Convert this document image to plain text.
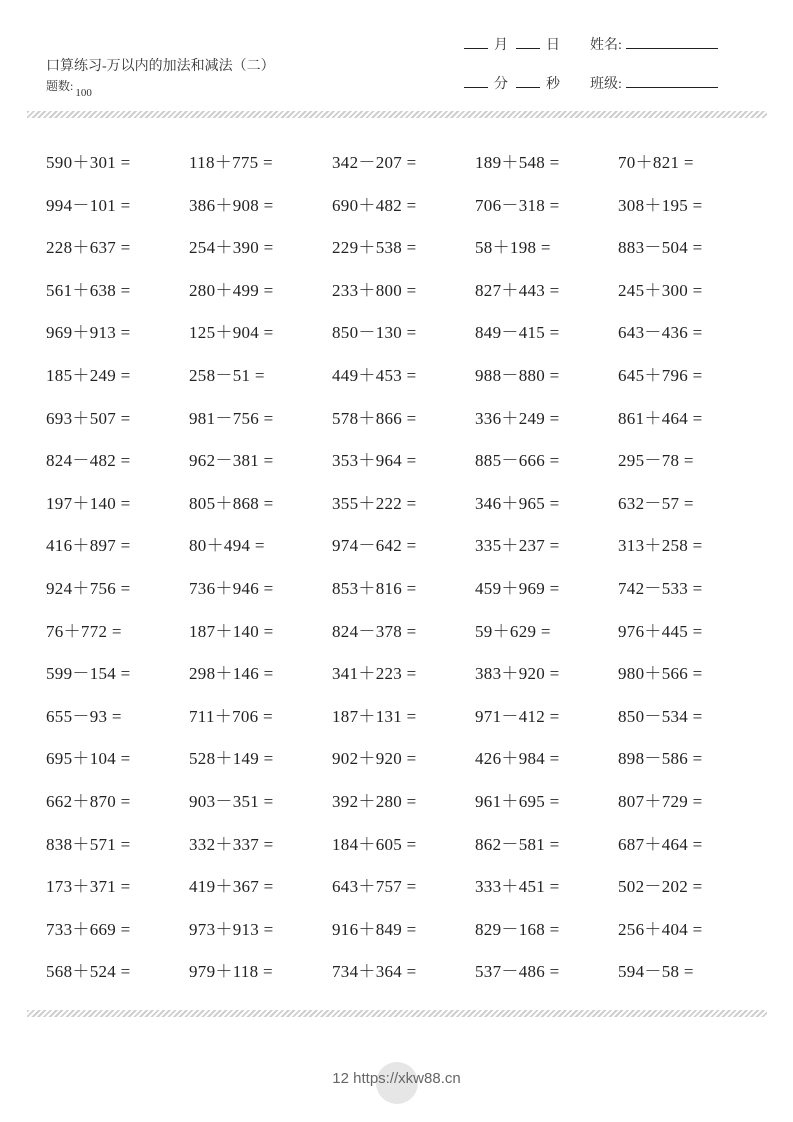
口算练习-万以内的加法和减法（二）
题数: 100
月	日
分	秒
姓名:
班级:
590＋301 =	118＋775 =	342－207 =	189＋548 =	70＋821 =
994－101 =	386＋908 =	690＋482 =	706－318 =	308＋195 =
228＋637 =	254＋390 =	229＋538 =	58＋198 =	883－504 =
561＋638 =	280＋499 =	233＋800 =	827＋443 =	245＋300 =
969＋913 =	125＋904 =	850－130 =	849－415 =	643－436 =
185＋249 =	258－51 =	449＋453 =	988－880 =	645＋796 =
693＋507 =	981－756 =	578＋866 =	336＋249 =	861＋464 =
824－482 =	962－381 =	353＋964 =	885－666 =	295－78 =
197＋140 =	805＋868 =	355＋222 =	346＋965 =	632－57 =
416＋897 =	80＋494 =	974－642 =	335＋237 =	313＋258 =
924＋756 =	736＋946 =	853＋816 =	459＋969 =	742－533 =
76＋772 =	187＋140 =	824－378 =	59＋629 =	976＋445 =
599－154 =	298＋146 =	341＋223 =	383＋920 =	980＋566 =
655－93 =	711＋706 =	187＋131 =	971－412 =	850－534 =
695＋104 =	528＋149 =	902＋920 =	426＋984 =	898－586 =
662＋870 =	903－351 =	392＋280 =	961＋695 =	807＋729 =
838＋571 =	332＋337 =	184＋605 =	862－581 =	687＋464 =
173＋371 =	419＋367 =	643＋757 =	333＋451 =	502－202 =
733＋669 =	973＋913 =	916＋849 =	829－168 =	256＋404 =
568＋524 =	979＋118 =	734＋364 =	537－486 =	594－58 =
12 https://xkw88.cn
